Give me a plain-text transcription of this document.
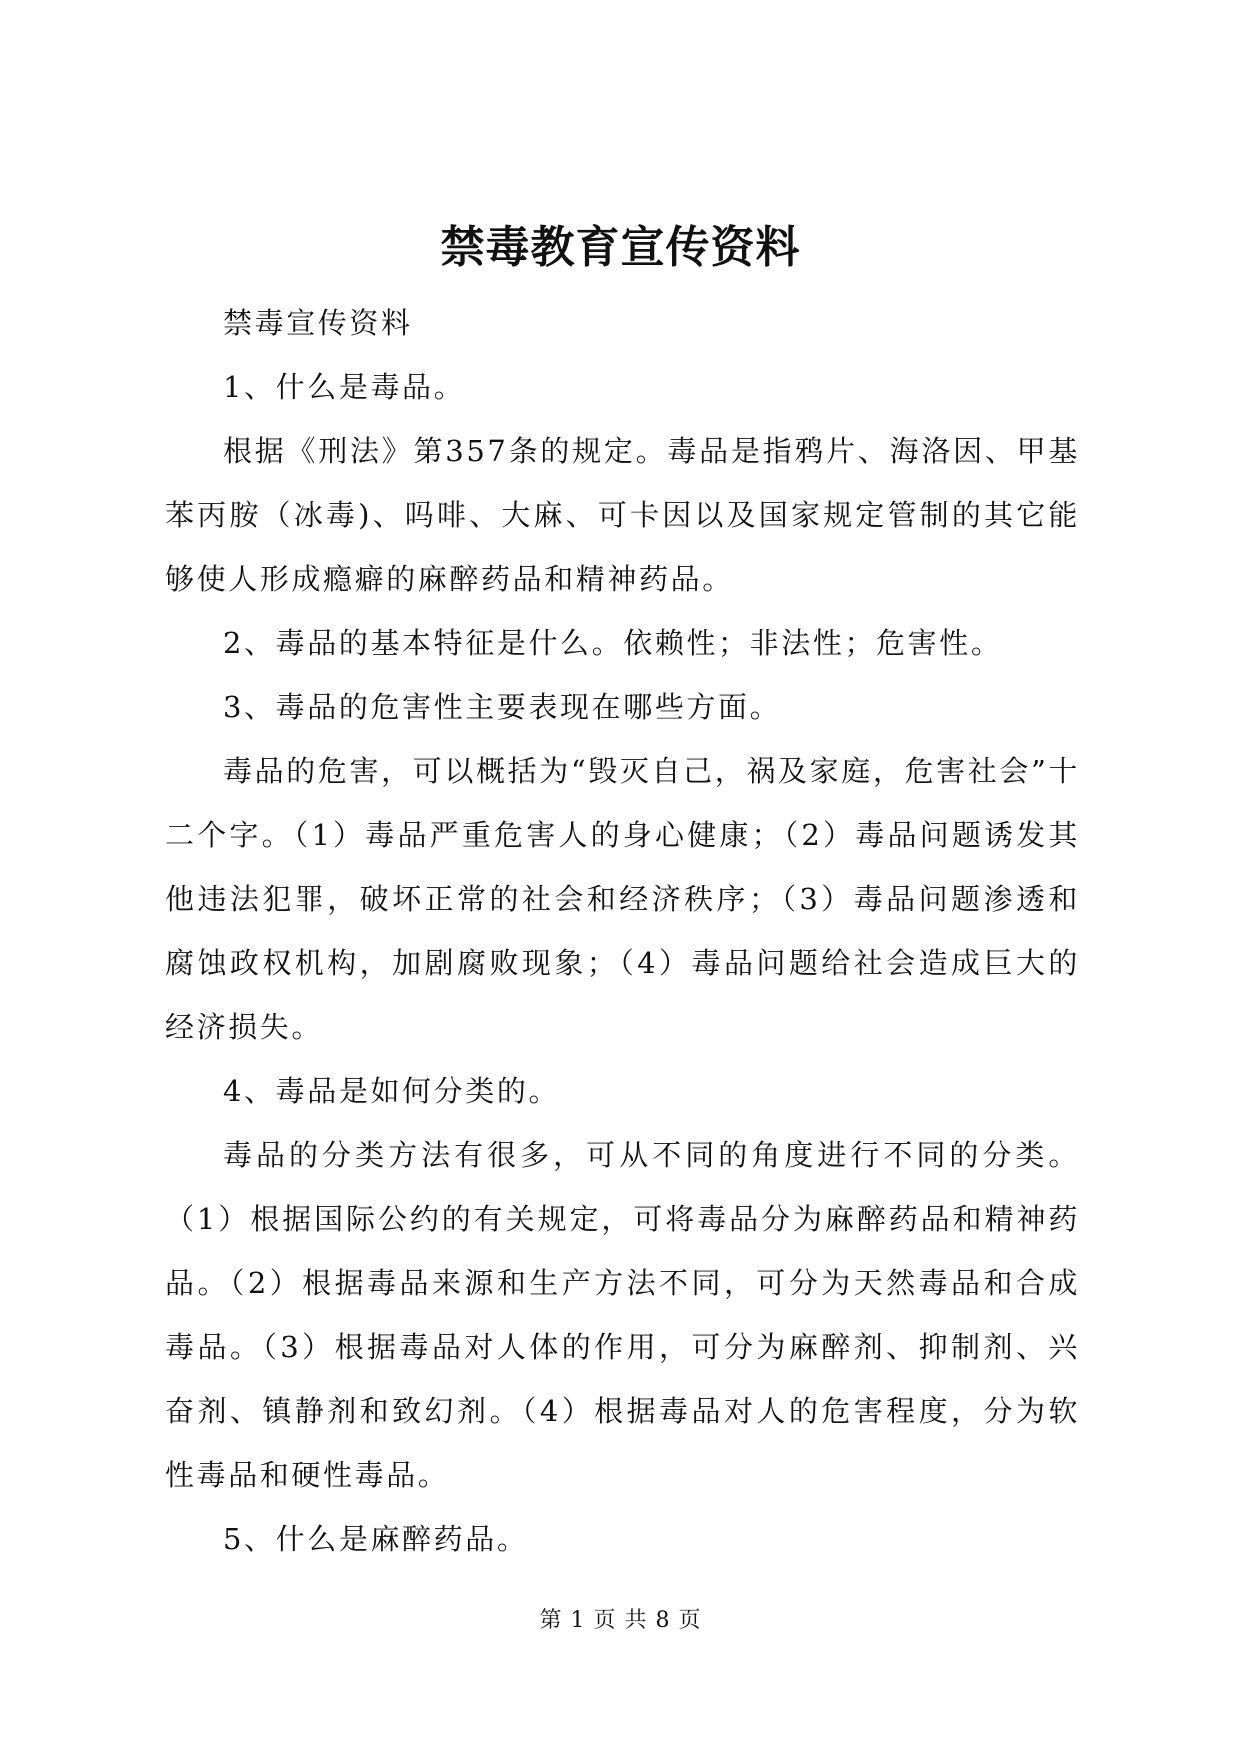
禁毒教育宣传资料

禁毒宣传资料

1、什么是毒品。

根据《刑法》第357条的规定。毒品是指鸦片、海洛因、甲基苯丙胺（冰毒)、吗啡、大麻、可卡因以及国家规定管制的其它能够使人形成瘾癖的麻醉药品和精神药品。

2、毒品的基本特征是什么。依赖性；非法性；危害性。

3、毒品的危害性主要表现在哪些方面。

毒品的危害，可以概括为“毁灭自己，祸及家庭，危害社会”十二个字。（1）毒品严重危害人的身心健康；（2）毒品问题诱发其他违法犯罪，破坏正常的社会和经济秩序；（3）毒品问题渗透和腐蚀政权机构，加剧腐败现象；（4）毒品问题给社会造成巨大的经济损失。

4、毒品是如何分类的。

毒品的分类方法有很多，可从不同的角度进行不同的分类。（1）根据国际公约的有关规定，可将毒品分为麻醉药品和精神药品。（2）根据毒品来源和生产方法不同，可分为天然毒品和合成毒品。（3）根据毒品对人体的作用，可分为麻醉剂、抑制剂、兴奋剂、镇静剂和致幻剂。（4）根据毒品对人的危害程度，分为软性毒品和硬性毒品。

5、什么是麻醉药品。

第 1 页 共 8 页
